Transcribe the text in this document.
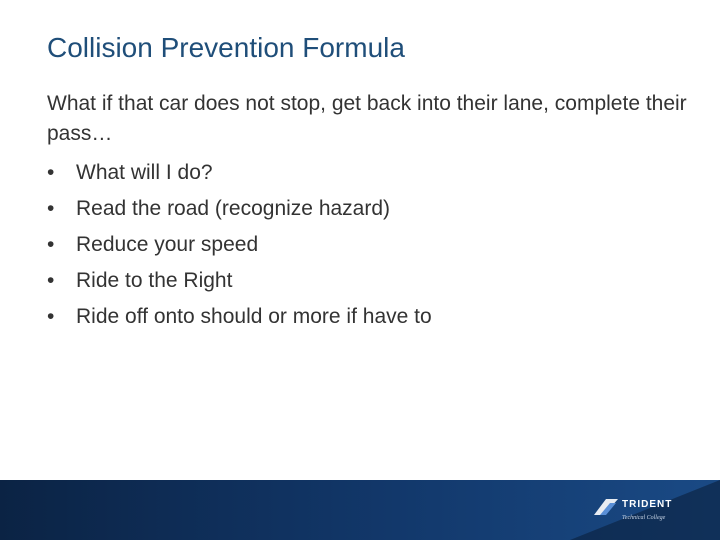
Collision Prevention Formula

What if that car does not stop, get back into their lane, complete their pass…

•	What will I do?
•	Read the road (recognize hazard)
•	Reduce your speed
•	Ride to the Right
•	Ride off onto should or more if have to
TRIDENT
Technical College
